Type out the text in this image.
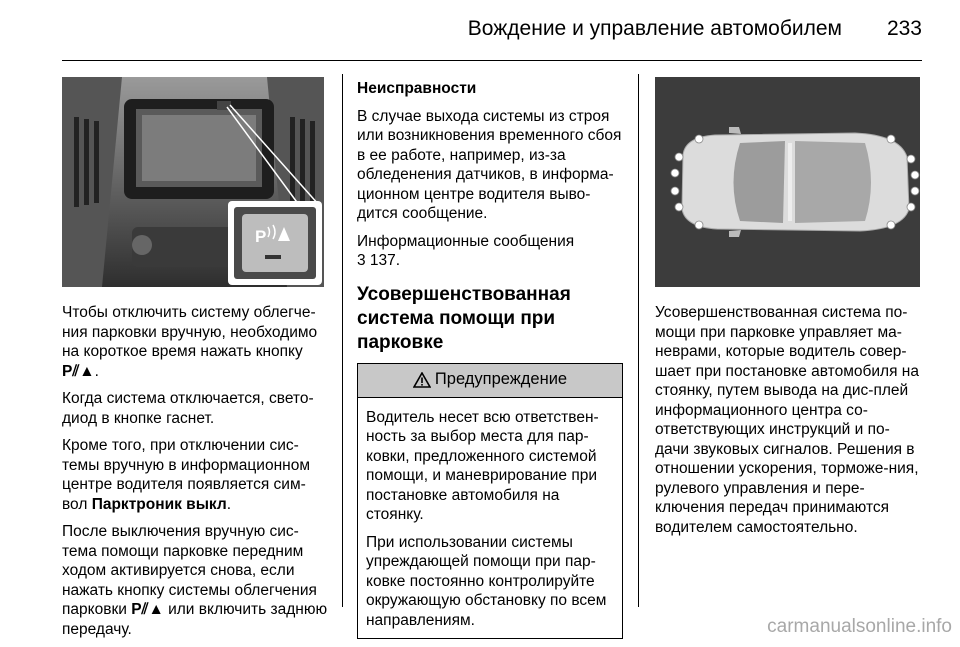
Вождение и управление автомобилем 233
P

Чтобы отключить систему облегче-ния парковки вручную, необходимо на короткое время нажать кнопку P⫽▲.

Когда система отключается, свето-диод в кнопке гаснет.

Кроме того, при отключении сис-темы вручную в информационном центре водителя появляется сим-вол Парктроник выкл.

После выключения вручную сис-тема помощи парковке передним ходом активируется снова, если нажать кнопку системы облегчения парковки P⫽▲ или включить заднюю передачу.

Неисправности

В случае выхода системы из строя или возникновения временного сбоя в ее работе, например, из-за обледенения датчиков, в информа-ционном центре водителя выво-дится сообщение.

Информационные сообщения
3 137.

Усовершенствованная система помощи при парковке
Предупреждение

Водитель несет всю ответствен-ность за выбор места для пар-ковки, предложенного системой помощи, и маневрирование при постановке автомобиля на стоянку.

При использовании системы упреждающей помощи при пар-ковке постоянно контролируйте окружающую обстановку по всем направлениям.

Усовершенствованная система по-мощи при парковке управляет ма-неврами, которые водитель совер-шает при постановке автомобиля на стоянку, путем вывода на дис-плей информационного центра со-ответствующих инструкций и по-дачи звуковых сигналов. Решения в отношении ускорения, торможе-ния, рулевого управления и пере-ключения передач принимаются водителем самостоятельно.

carmanualsonline.info
